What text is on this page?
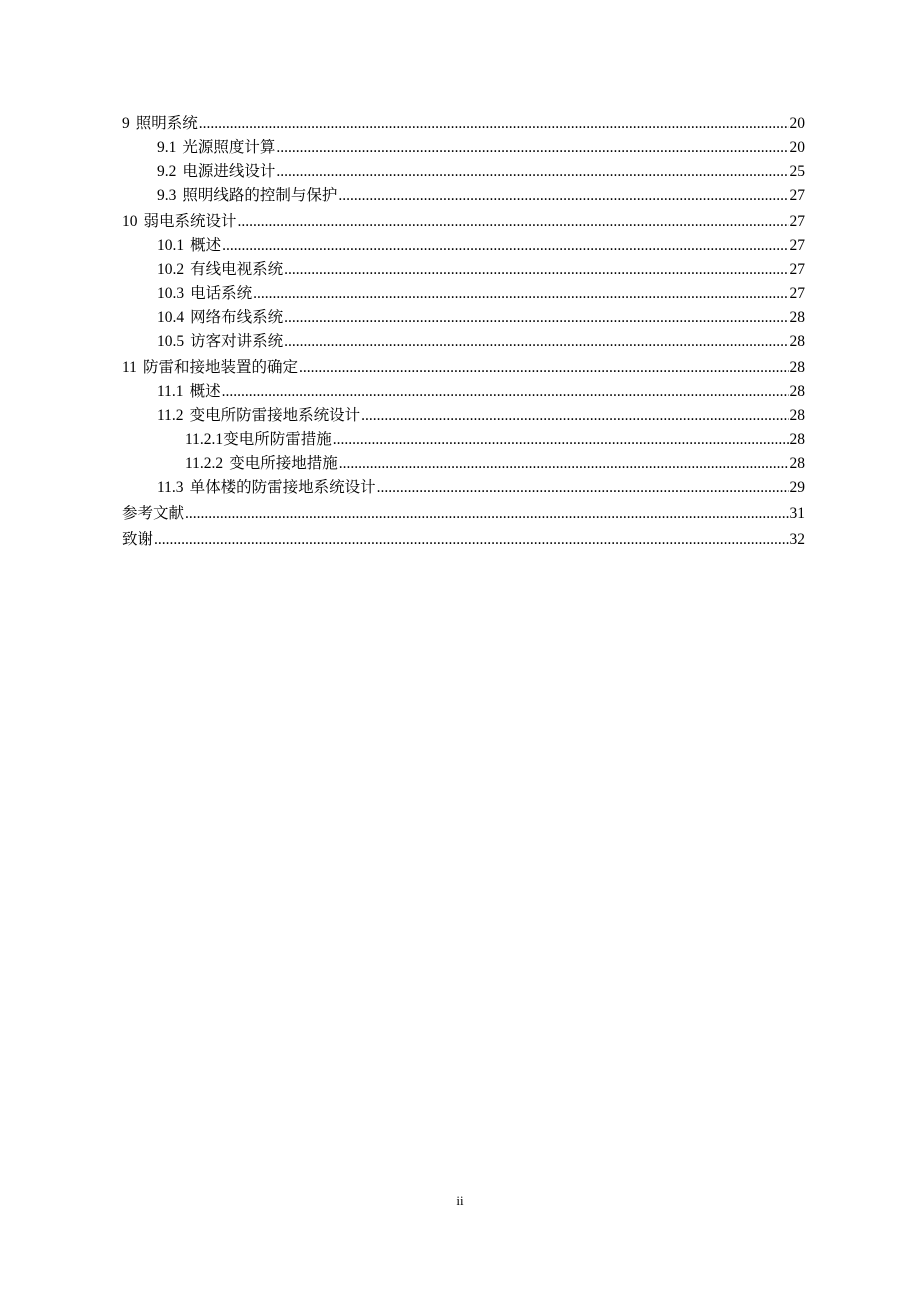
9 照明系统 .....	20
9.1 光源照度计算 .....	20
9.2 电源进线设计 .....	25
9.3 照明线路的控制与保护 .....	27
10 弱电系统设计 .....	27
10.1 概述 .....	27
10.2 有线电视系统 .....	27
10.3 电话系统 .....	27
10.4 网络布线系统 .....	28
10.5 访客对讲系统 .....	28
11 防雷和接地装置的确定 .....	28
11.1 概述 .....	28
11.2 变电所防雷接地系统设计 .....	28
11.2.1 变电所防雷措施 .....	28
11.2.2 变电所接地措施 .....	28
11.3 单体楼的防雷接地系统设计 .....	29
参考文献 .....	31
致谢 .....	32
ii
